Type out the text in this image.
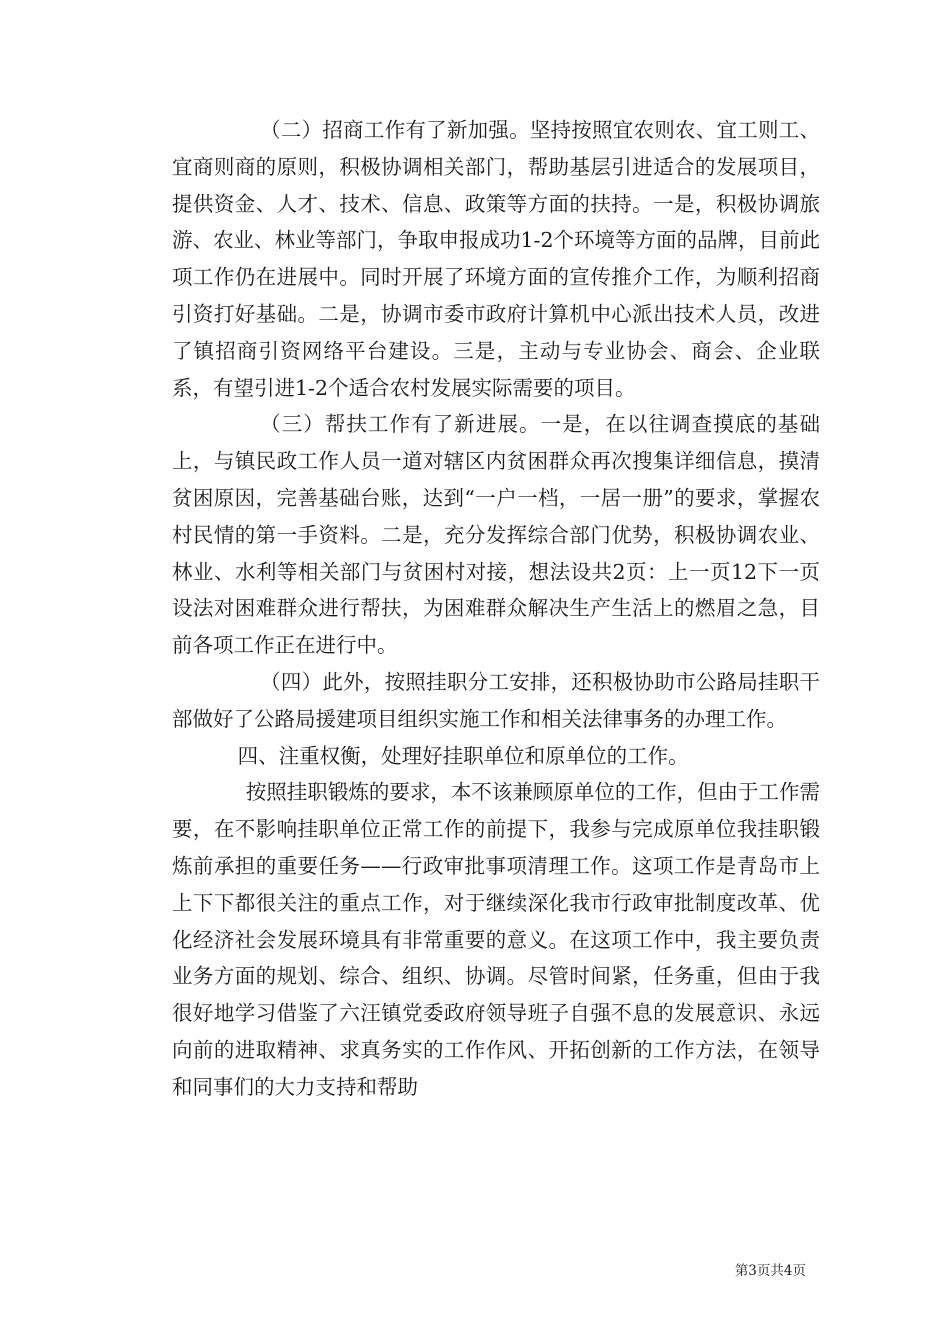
（二）招商工作有了新加强。坚持按照宜农则农、宜工则工、宜商则商的原则，积极协调相关部门，帮助基层引进适合的发展项目，提供资金、人才、技术、信息、政策等方面的扶持。一是，积极协调旅游、农业、林业等部门，争取申报成功1-2个环境等方面的品牌，目前此项工作仍在进展中。同时开展了环境方面的宣传推介工作，为顺利招商引资打好基础。二是，协调市委市政府计算机中心派出技术人员，改进了镇招商引资网络平台建设。三是，主动与专业协会、商会、企业联系，有望引进1-2个适合农村发展实际需要的项目。

（三）帮扶工作有了新进展。一是，在以往调查摸底的基础上，与镇民政工作人员一道对辖区内贫困群众再次搜集详细信息，摸清贫困原因，完善基础台账，达到“一户一档，一居一册”的要求，掌握农村民情的第一手资料。二是，充分发挥综合部门优势，积极协调农业、林业、水利等相关部门与贫困村对接，想法设共2页：上一页12下一页设法对困难群众进行帮扶，为困难群众解决生产生活上的燃眉之急，目前各项工作正在进行中。

（四）此外，按照挂职分工安排，还积极协助市公路局挂职干部做好了公路局援建项目组织实施工作和相关法律事务的办理工作。

四、注重权衡，处理好挂职单位和原单位的工作。

按照挂职锻炼的要求，本不该兼顾原单位的工作，但由于工作需要，在不影响挂职单位正常工作的前提下，我参与完成原单位我挂职锻炼前承担的重要任务——行政审批事项清理工作。这项工作是青岛市上上下下都很关注的重点工作，对于继续深化我市行政审批制度改革、优化经济社会发展环境具有非常重要的意义。在这项工作中，我主要负责业务方面的规划、综合、组织、协调。尽管时间紧，任务重，但由于我很好地学习借鉴了六汪镇党委政府领导班子自强不息的发展意识、永远向前的进取精神、求真务实的工作作风、开拓创新的工作方法，在领导和同事们的大力支持和帮助

第3页共4页
